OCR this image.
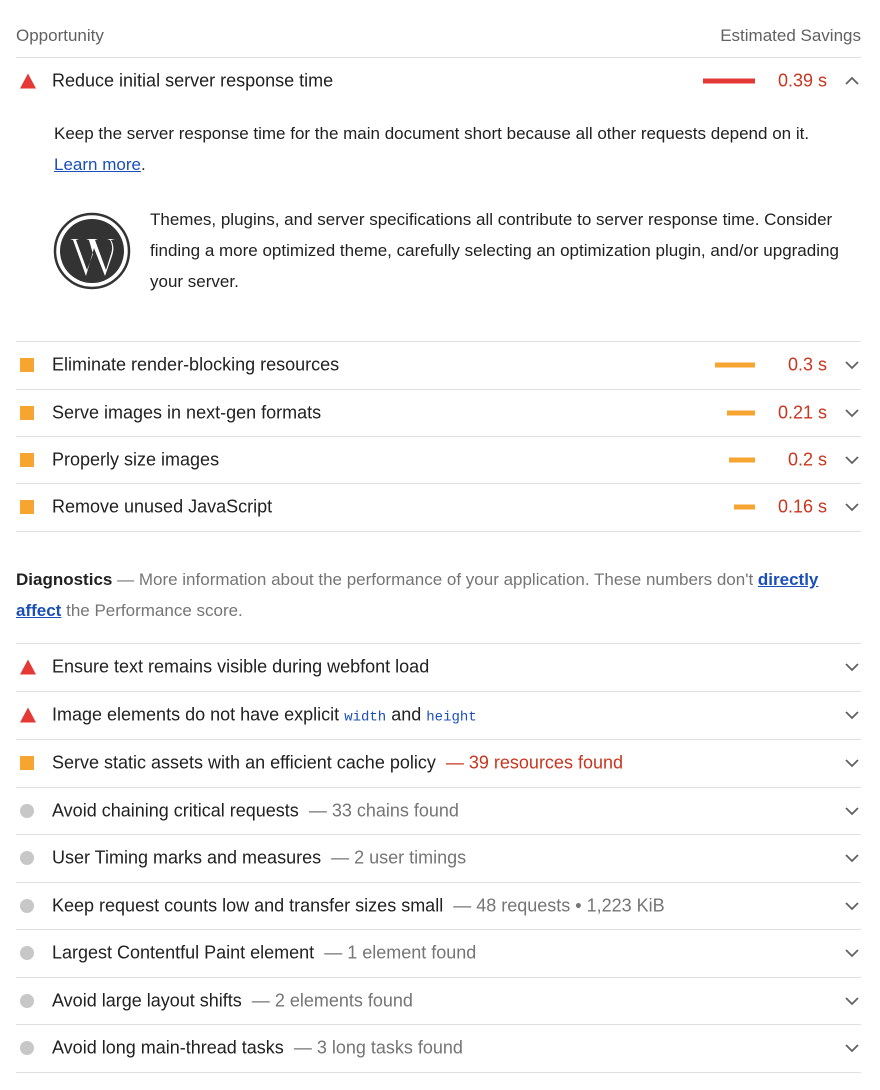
Opportunity	Estimated Savings
Reduce initial server response time	0.39 s
Keep the server response time for the main document short because all other requests depend on it. Learn more.
Themes, plugins, and server specifications all contribute to server response time. Consider finding a more optimized theme, carefully selecting an optimization plugin, and/or upgrading your server.
Eliminate render-blocking resources	0.3 s
Serve images in next-gen formats	0.21 s
Properly size images	0.2 s
Remove unused JavaScript	0.16 s
Diagnostics — More information about the performance of your application. These numbers don't directly affect the Performance score.
Ensure text remains visible during webfont load
Image elements do not have explicit width and height
Serve static assets with an efficient cache policy  — 39 resources found
Avoid chaining critical requests  — 33 chains found
User Timing marks and measures  — 2 user timings
Keep request counts low and transfer sizes small  — 48 requests • 1,223 KiB
Largest Contentful Paint element  — 1 element found
Avoid large layout shifts  — 2 elements found
Avoid long main-thread tasks  — 3 long tasks found
